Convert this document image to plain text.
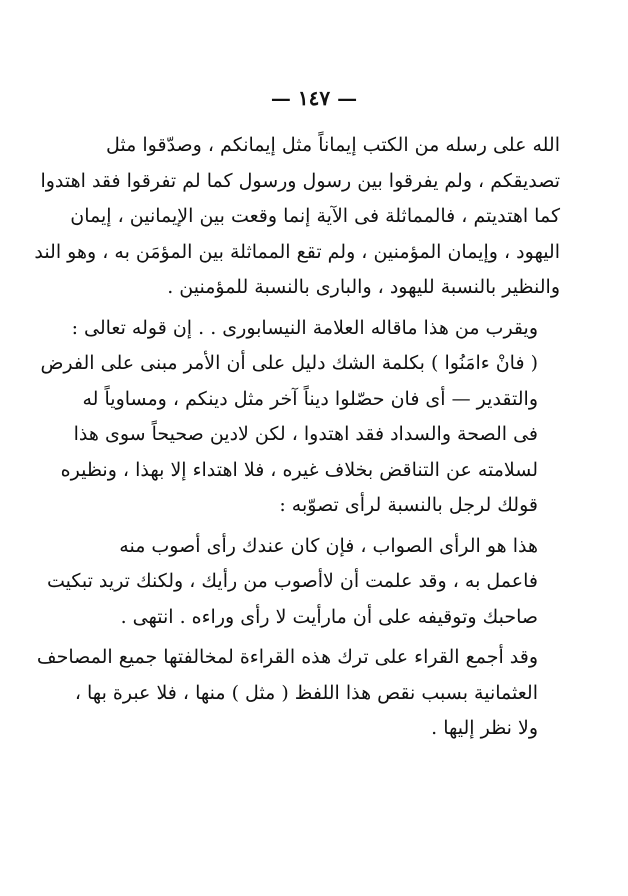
— ١٤٧ —

الله على رسله من الكتب إيماناً مثل إيمانكم ، وصدّقوا مثل
تصديقكم ، ولم يفرقوا بين رسول ورسول كما لم تفرقوا فقد اهتدوا
كما اهتديتم ، فالمماثلة فى الآية إنما وقعت بين الإيمانين ، إيمان
اليهود ، وإيمان المؤمنين ، ولم تقع المماثلة بين المؤمَن به ، وهو الند
والنظير بالنسبة لليهود ، والبارى بالنسبة للمؤمنين .

ويقرب من هذا ماقاله العلامة النيسابورى . . إن قوله تعالى :
( فانْ ءامَنُوا ) بكلمة الشك دليل على أن الأمر مبنى على الفرض
والتقدير — أى فان حصّلوا ديناً آخر مثل دينكم ، ومساوياً له
فى الصحة والسداد فقد اهتدوا ، لكن لادين صحيحاً سوى هذا
لسلامته عن التناقض بخلاف غيره ، فلا اهتداء إلا بهذا ، ونظيره
قولك لرجل بالنسبة لرأى تصوّبه :

هذا هو الرأى الصواب ، فإن كان عندك رأى أصوب منه
فاعمل به ، وقد علمت أن لاأصوب من رأيك ، ولكنك تريد تبكيت
صاحبك وتوقيفه على أن مارأيت لا رأى وراءه . انتهى .

وقد أجمع القراء على ترك هذه القراءة لمخالفتها جميع المصاحف
العثمانية بسبب نقص هذا اللفظ ( مثل ) منها ، فلا عبرة بها ،
ولا نظر إليها .
